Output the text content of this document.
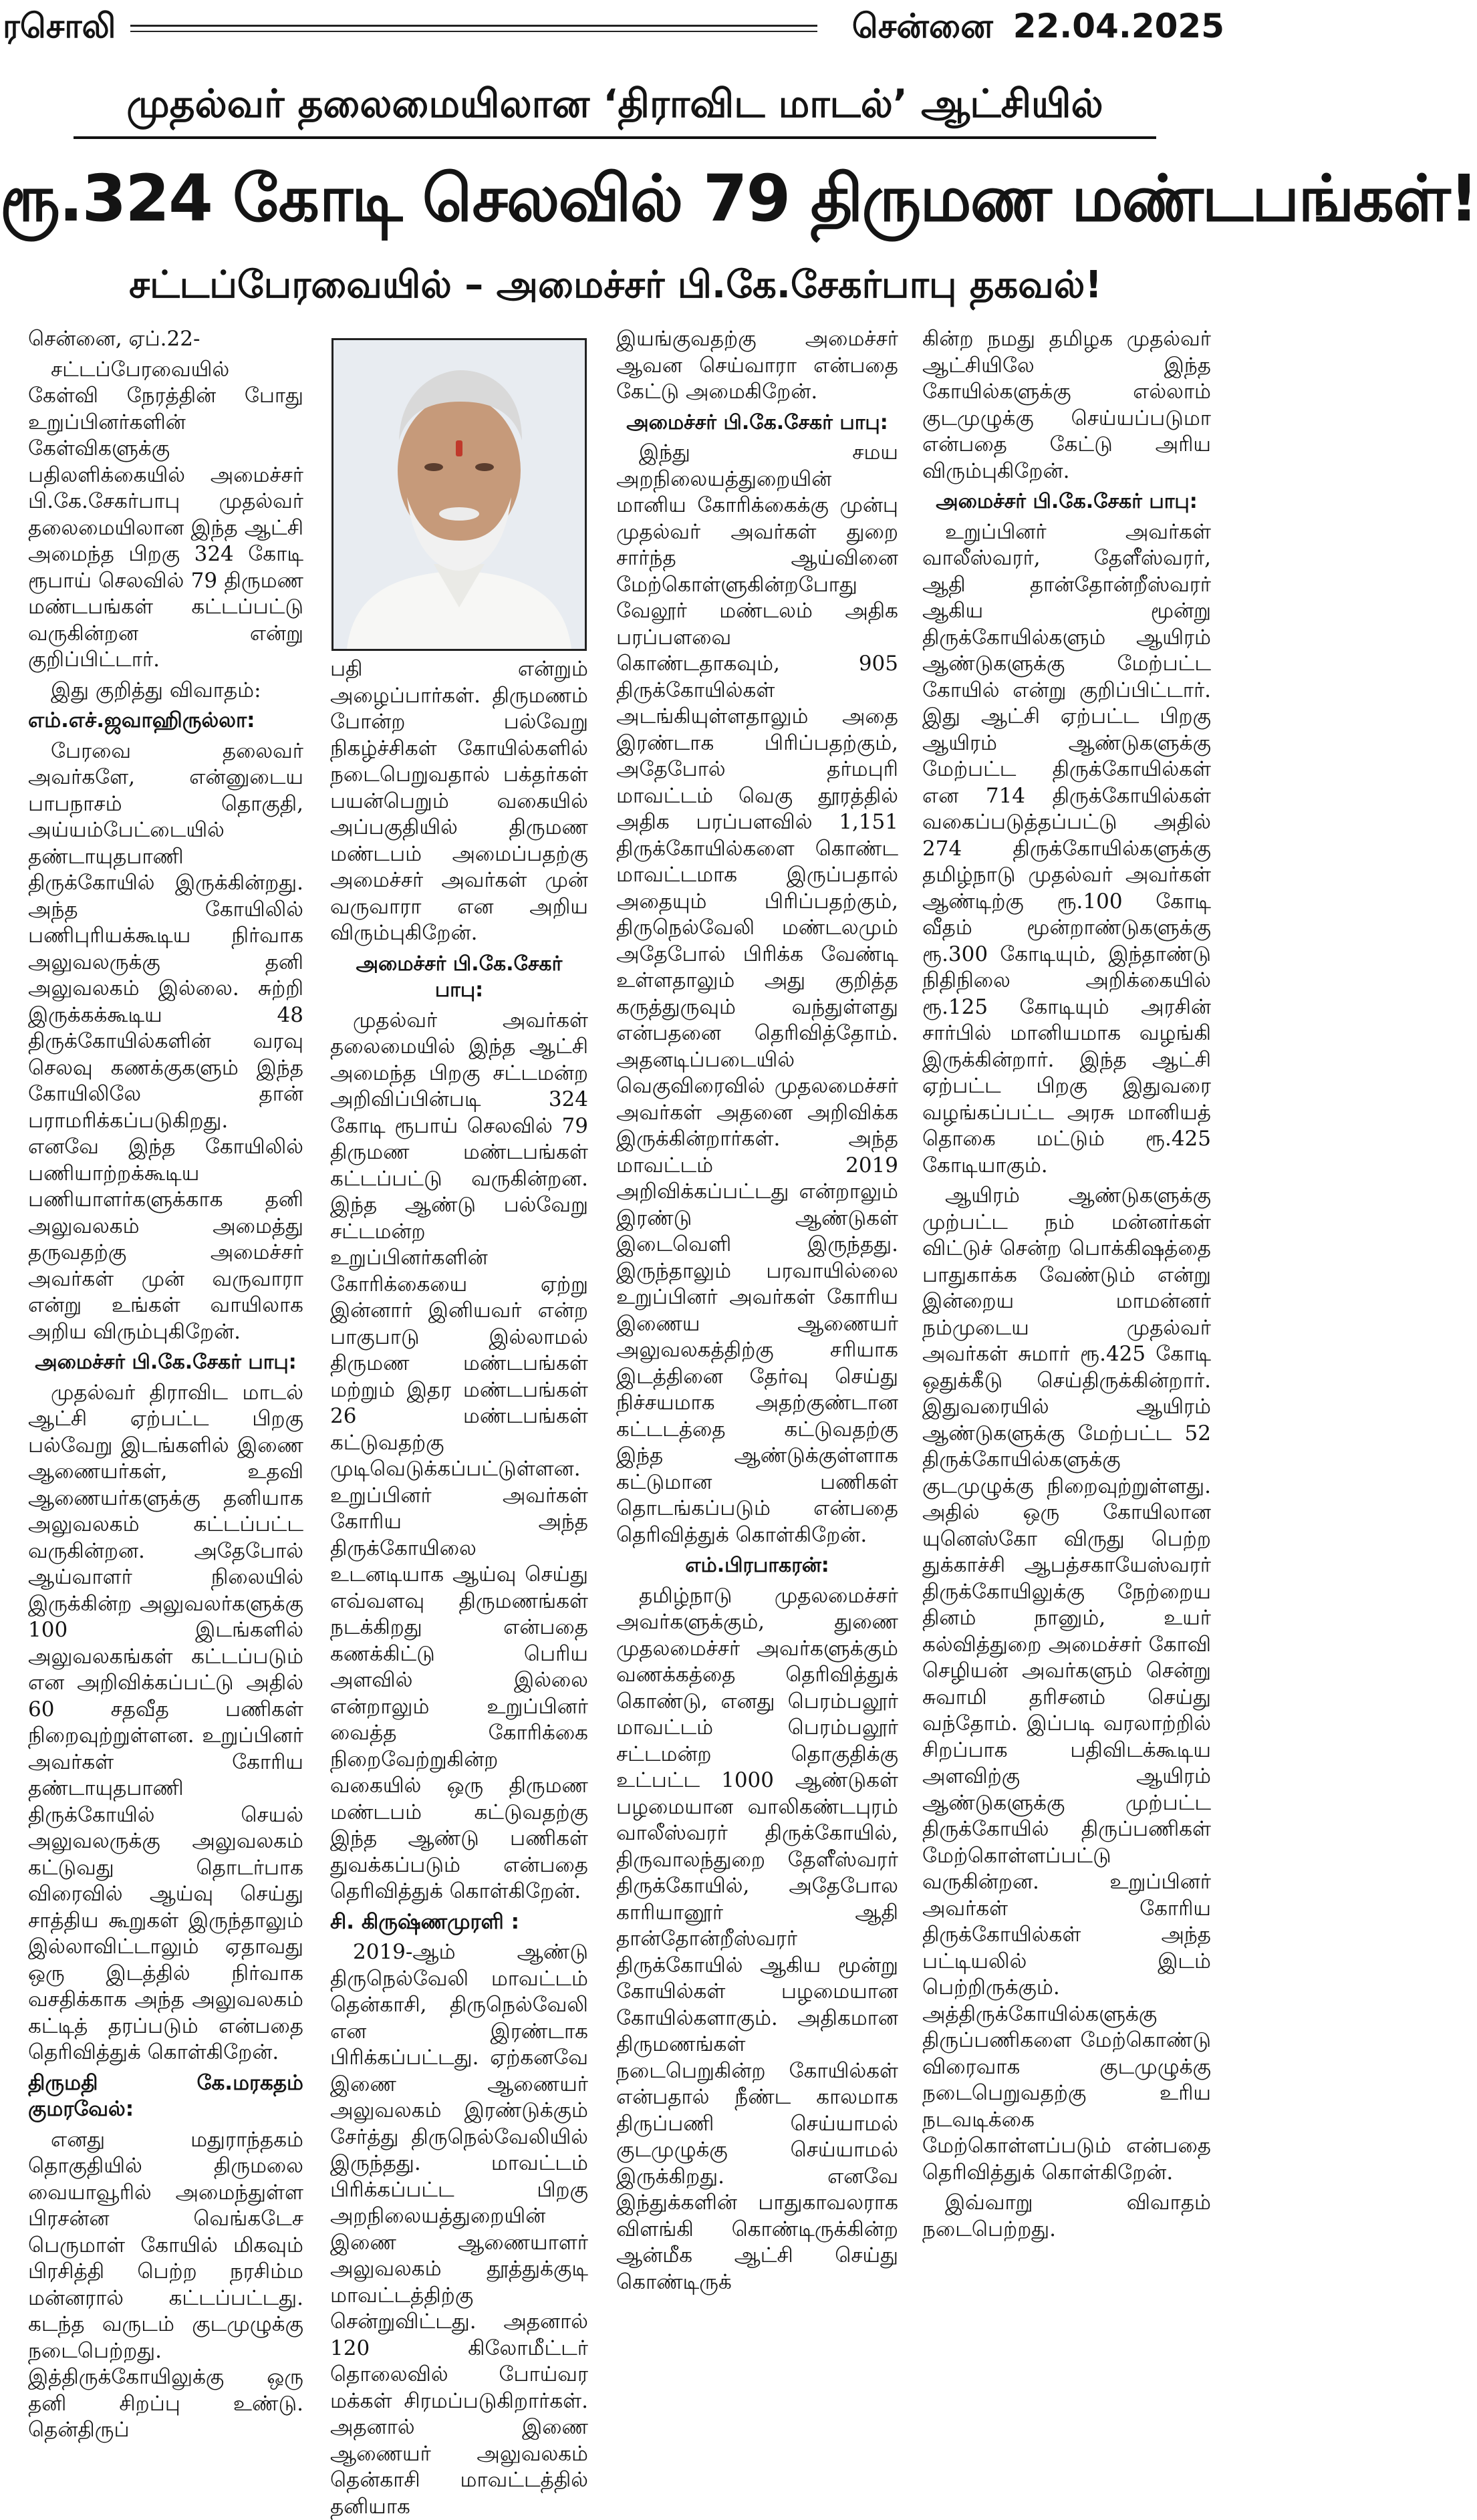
ரசொலி	சென்னை 22.04.2025
முதல்வர் தலைமையிலான ‘திராவிட மாடல்’ ஆட்சியில்
ரூ.324 கோடி செலவில் 79 திருமண மண்டபங்கள்!
சட்டப்பேரவையில் – அமைச்சர் பி.கே.சேகர்பாபு தகவல்!

சென்னை, ஏப்.22-

சட்டப்பேரவையில் கேள்வி நேரத்தின் போது உறுப்பினர்களின் கேள்விகளுக்கு பதிலளிக்கையில் அமைச்சர் பி.கே.சேகர்பாபு முதல்வர் தலைமையிலான இந்த ஆட்சி அமைந்த பிறகு 324 கோடி ரூபாய் செலவில் 79 திருமண மண்டபங்கள் கட்டப்பட்டு வருகின்றன என்று குறிப்பிட்டார்.

இது குறித்து விவாதம்:

எம்.எச்.ஜவாஹிருல்லா:

பேரவை தலைவர் அவர்களே, என்னுடைய பாபநாசம் தொகுதி, அய்யம்பேட்டையில் தண்டாயுதபாணி திருக்கோயில் இருக்கின்றது. அந்த கோயிலில் பணிபுரியக்கூடிய நிர்வாக அலுவலருக்கு தனி அலுவலகம் இல்லை. சுற்றி இருக்கக்கூடிய 48 திருக்கோயில்களின் வரவு செலவு கணக்குகளும் இந்த கோயிலிலே தான் பராமரிக்கப்படுகிறது. எனவே இந்த கோயிலில் பணியாற்றக்கூடிய பணியாளர்களுக்காக தனி அலுவலகம் அமைத்து தருவதற்கு அமைச்சர் அவர்கள் முன் வருவாரா என்று உங்கள் வாயிலாக அறிய விரும்புகிறேன்.

அமைச்சர் பி.கே.சேகர் பாபு:

முதல்வர் திராவிட மாடல் ஆட்சி ஏற்பட்ட பிறகு பல்வேறு இடங்களில் இணை ஆணையர்கள், உதவி ஆணையர்களுக்கு தனியாக அலுவலகம் கட்டப்பட்ட வருகின்றன. அதேபோல் ஆய்வாளர் நிலையில் இருக்கின்ற அலுவலர்களுக்கு 100 இடங்களில் அலுவலகங்கள் கட்டப்படும் என அறிவிக்கப்பட்டு அதில் 60 சதவீத பணிகள் நிறைவுற்றுள்ளன. உறுப்பினர் அவர்கள் கோரிய தண்டாயுதபாணி திருக்கோயில் செயல் அலுவலருக்கு அலுவலகம் கட்டுவது தொடர்பாக விரைவில் ஆய்வு செய்து சாத்திய கூறுகள் இருந்தாலும் இல்லாவிட்டாலும் ஏதாவது ஒரு இடத்தில் நிர்வாக வசதிக்காக அந்த அலுவலகம் கட்டித் தரப்படும் என்பதை தெரிவித்துக் கொள்கிறேன்.

திருமதி கே.மரகதம் குமரவேல்:

எனது மதுராந்தகம் தொகுதியில் திருமலை வையாவூரில் அமைந்துள்ள பிரசன்ன வெங்கடேச பெருமாள் கோயில் மிகவும் பிரசித்தி பெற்ற நரசிம்ம மன்னரால் கட்டப்பட்டது. கடந்த வருடம் குடமுழுக்கு நடைபெற்றது. இத்திருக்கோயிலுக்கு ஒரு தனி சிறப்பு உண்டு. தென்திருப்

பதி என்றும் அழைப்பார்கள். திருமணம் போன்ற பல்வேறு நிகழ்ச்சிகள் கோயில்களில் நடைபெறுவதால் பக்தர்கள் பயன்பெறும் வகையில் அப்பகுதியில் திருமண மண்டபம் அமைப்பதற்கு அமைச்சர் அவர்கள் முன் வருவாரா என அறிய விரும்புகிறேன்.

அமைச்சர் பி.கே.சேகர் பாபு:

முதல்வர் அவர்கள் தலைமையில் இந்த ஆட்சி அமைந்த பிறகு சட்டமன்ற அறிவிப்பின்படி 324 கோடி ரூபாய் செலவில் 79 திருமண மண்டபங்கள் கட்டப்பட்டு வருகின்றன. இந்த ஆண்டு பல்வேறு சட்டமன்ற உறுப்பினர்களின் கோரிக்கையை ஏற்று இன்னார் இனியவர் என்ற பாகுபாடு இல்லாமல் திருமண மண்டபங்கள் மற்றும் இதர மண்டபங்கள் 26 மண்டபங்கள் கட்டுவதற்கு முடிவெடுக்கப்பட்டுள்ளன. உறுப்பினர் அவர்கள் கோரிய அந்த திருக்கோயிலை உடனடியாக ஆய்வு செய்து எவ்வளவு திருமணங்கள் நடக்கிறது என்பதை கணக்கிட்டு பெரிய அளவில் இல்லை என்றாலும் உறுப்பினர் வைத்த கோரிக்கை நிறைவேற்றுகின்ற வகையில் ஒரு திருமண மண்டபம் கட்டுவதற்கு இந்த ஆண்டு பணிகள் துவக்கப்படும் என்பதை தெரிவித்துக் கொள்கிறேன்.

சி. கிருஷ்ணமுரளி :

2019-ஆம் ஆண்டு திருநெல்வேலி மாவட்டம் தென்காசி, திருநெல்வேலி என இரண்டாக பிரிக்கப்பட்டது. ஏற்கனவே இணை ஆணையர் அலுவலகம் இரண்டுக்கும் சேர்த்து திருநெல்வேலியில் இருந்தது. மாவட்டம் பிரிக்கப்பட்ட பிறகு அறநிலையத்துறையின் இணை ஆணையாளர் அலுவலகம் தூத்துக்குடி மாவட்டத்திற்கு சென்றுவிட்டது. அதனால் 120 கிலோமீட்டர் தொலைவில் போய்வர மக்கள் சிரமப்படுகிறார்கள். அதனால் இணை ஆணையர் அலுவலகம் தென்காசி மாவட்டத்தில் தனியாக

இயங்குவதற்கு அமைச்சர் ஆவன செய்வாரா என்பதை கேட்டு அமைகிறேன்.

அமைச்சர் பி.கே.சேகர் பாபு:

இந்து சமய அறநிலையத்துறையின் மானிய கோரிக்கைக்கு முன்பு முதல்வர் அவர்கள் துறை சார்ந்த ஆய்வினை மேற்கொள்ளுகின்றபோது வேலூர் மண்டலம் அதிக பரப்பளவை கொண்டதாகவும், 905 திருக்கோயில்கள் அடங்கியுள்ளதாலும் அதை இரண்டாக பிரிப்பதற்கும், அதேபோல் தர்மபுரி மாவட்டம் வெகு தூரத்தில் அதிக பரப்பளவில் 1,151 திருக்கோயில்களை கொண்ட மாவட்டமாக இருப்பதால் அதையும் பிரிப்பதற்கும், திருநெல்வேலி மண்டலமும் அதேபோல் பிரிக்க வேண்டி உள்ளதாலும் அது குறித்த கருத்துருவும் வந்துள்ளது என்பதனை தெரிவித்தோம். அதனடிப்படையில் வெகுவிரைவில் முதலமைச்சர் அவர்கள் அதனை அறிவிக்க இருக்கின்றார்கள். அந்த மாவட்டம் 2019 அறிவிக்கப்பட்டது என்றாலும் இரண்டு ஆண்டுகள் இடைவெளி இருந்தது. இருந்தாலும் பரவாயில்லை உறுப்பினர் அவர்கள் கோரிய இணைய ஆணையர் அலுவலகத்திற்கு சரியாக இடத்தினை தேர்வு செய்து நிச்சயமாக அதற்குண்டான கட்டடத்தை கட்டுவதற்கு இந்த ஆண்டுக்குள்ளாக கட்டுமான பணிகள் தொடங்கப்படும் என்பதை தெரிவித்துக் கொள்கிறேன்.

எம்.பிரபாகரன்:

தமிழ்நாடு முதலமைச்சர் அவர்களுக்கும், துணை முதலமைச்சர் அவர்களுக்கும் வணக்கத்தை தெரிவித்துக் கொண்டு, எனது பெரம்பலூர் மாவட்டம் பெரம்பலூர் சட்டமன்ற தொகுதிக்கு உட்பட்ட 1000 ஆண்டுகள் பழமையான வாலிகண்டபுரம் வாலீஸ்வரர் திருக்கோயில், திருவாலந்துறை தேளீஸ்வரர் திருக்கோயில், அதேபோல காரியானூர் ஆதி தான்தோன்றீஸ்வரர் திருக்கோயில் ஆகிய மூன்று கோயில்கள் பழமையான கோயில்களாகும். அதிகமான திருமணங்கள் நடைபெறுகின்ற கோயில்கள் என்பதால் நீண்ட காலமாக திருப்பணி செய்யாமல் குடமுழுக்கு செய்யாமல் இருக்கிறது. எனவே இந்துக்களின் பாதுகாவலராக விளங்கி கொண்டிருக்கின்ற ஆன்மீக ஆட்சி செய்து கொண்டிருக்

கின்ற நமது தமிழக முதல்வர் ஆட்சியிலே இந்த கோயில்களுக்கு எல்லாம் குடமுழுக்கு செய்யப்படுமா என்பதை கேட்டு அரிய விரும்புகிறேன்.

அமைச்சர் பி.கே.சேகர் பாபு:

உறுப்பினர் அவர்கள் வாலீஸ்வரர், தேளீஸ்வரர், ஆதி தான்தோன்றீஸ்வரர் ஆகிய மூன்று திருக்கோயில்களும் ஆயிரம் ஆண்டுகளுக்கு மேற்பட்ட கோயில் என்று குறிப்பிட்டார். இது ஆட்சி ஏற்பட்ட பிறகு ஆயிரம் ஆண்டுகளுக்கு மேற்பட்ட திருக்கோயில்கள் என 714 திருக்கோயில்கள் வகைப்படுத்தப்பட்டு அதில் 274 திருக்கோயில்களுக்கு தமிழ்நாடு முதல்வர் அவர்கள் ஆண்டிற்கு ரூ.100 கோடி வீதம் மூன்றாண்டுகளுக்கு ரூ.300 கோடியும், இந்தாண்டு நிதிநிலை அறிக்கையில் ரூ.125 கோடியும் அரசின் சார்பில் மானியமாக வழங்கி இருக்கின்றார். இந்த ஆட்சி ஏற்பட்ட பிறகு இதுவரை வழங்கப்பட்ட அரசு மானியத் தொகை மட்டும் ரூ.425 கோடியாகும்.

ஆயிரம் ஆண்டுகளுக்கு முற்பட்ட நம் மன்னர்கள் விட்டுச் சென்ற பொக்கிஷத்தை பாதுகாக்க வேண்டும் என்று இன்றைய மாமன்னர் நம்முடைய முதல்வர் அவர்கள் சுமார் ரூ.425 கோடி ஒதுக்கீடு செய்திருக்கின்றார். இதுவரையில் ஆயிரம் ஆண்டுகளுக்கு மேற்பட்ட 52 திருக்கோயில்களுக்கு குடமுழுக்கு நிறைவுற்றுள்ளது. அதில் ஒரு கோயிலான யுனெஸ்கோ விருது பெற்ற துக்காச்சி ஆபத்சகாயேஸ்வரர் திருக்கோயிலுக்கு நேற்றைய தினம் நானும், உயர் கல்வித்துறை அமைச்சர் கோவி செழியன் அவர்களும் சென்று சுவாமி தரிசனம் செய்து வந்தோம். இப்படி வரலாற்றில் சிறப்பாக பதிவிடக்கூடிய அளவிற்கு ஆயிரம் ஆண்டுகளுக்கு முற்பட்ட திருக்கோயில் திருப்பணிகள் மேற்கொள்ளப்பட்டு வருகின்றன. உறுப்பினர் அவர்கள் கோரிய திருக்கோயில்கள் அந்த பட்டியலில் இடம் பெற்றிருக்கும். அத்திருக்கோயில்களுக்கு திருப்பணிகளை மேற்கொண்டு விரைவாக குடமுழுக்கு நடைபெறுவதற்கு உரிய நடவடிக்கை மேற்கொள்ளப்படும் என்பதை தெரிவித்துக் கொள்கிறேன்.

இவ்வாறு விவாதம் நடைபெற்றது.
